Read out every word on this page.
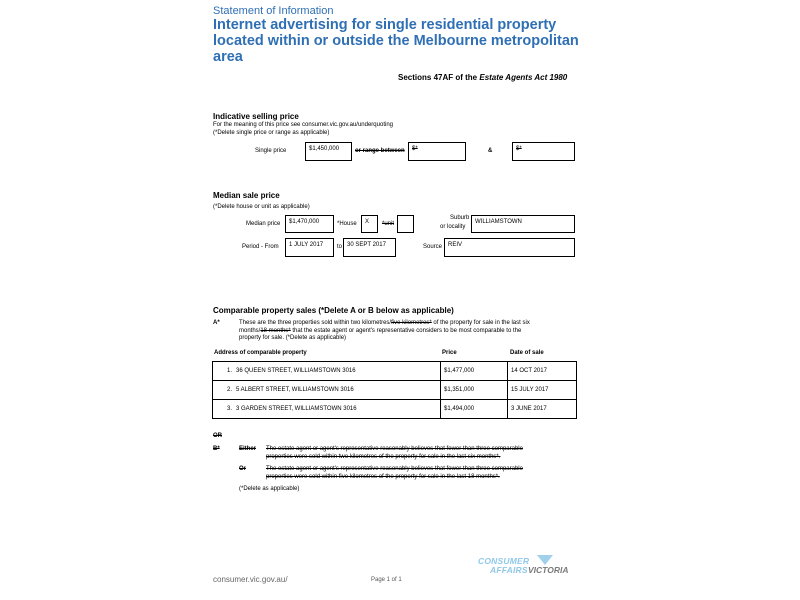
Statement of Information
Internet advertising for single residential property located within or outside the Melbourne metropolitan area
Sections 47AF of the Estate Agents Act 1980
Indicative selling price
For the meaning of this price see consumer.vic.gov.au/underquoting
(*Delete single price or range as applicable)
Single price	$1,450,000	or range between	$*	&	$*
Median sale price
(*Delete house or unit as applicable)
Median price	$1,470,000	*House	X	*unit
Suburb
or locality
WILLIAMSTOWN
Period - From	1 JULY 2017	to 30 SEPT 2017	Source REIV
Comparable property sales (*Delete A or B below as applicable)
A*	These are the three properties sold within two kilometres/five kilometres* of the property for sale in the last six
months/18 months* that the estate agent or agent's representative considers to be most comparable to the
property for sale. (*Delete as applicable)
Address of comparable property	Price	Date of sale
1. 36 QUEEN STREET, WILLIAMSTOWN 3016	$1,477,000	14 OCT 2017
2. 5 ALBERT STREET, WILLIAMSTOWN 3016	$1,351,000	15 JULY 2017
3. 3 GARDEN STREET, WILLIAMSTOWN 3016	$1,494,000	3 JUNE 2017
OR
B*	Either The estate agent or agent's representative reasonably believes that fewer than three comparable
properties were sold within two kilometres of the property for sale in the last six months*.
Or	The estate agent or agent's representative reasonably believes that fewer than three comparable
properties were sold within five kilometres of the property for sale in the last 18 months*.
(*Delete as applicable)
consumer.vic.gov.au/	Page 1 of 1
CONSUMER
AFFAIRS VICTORIA
